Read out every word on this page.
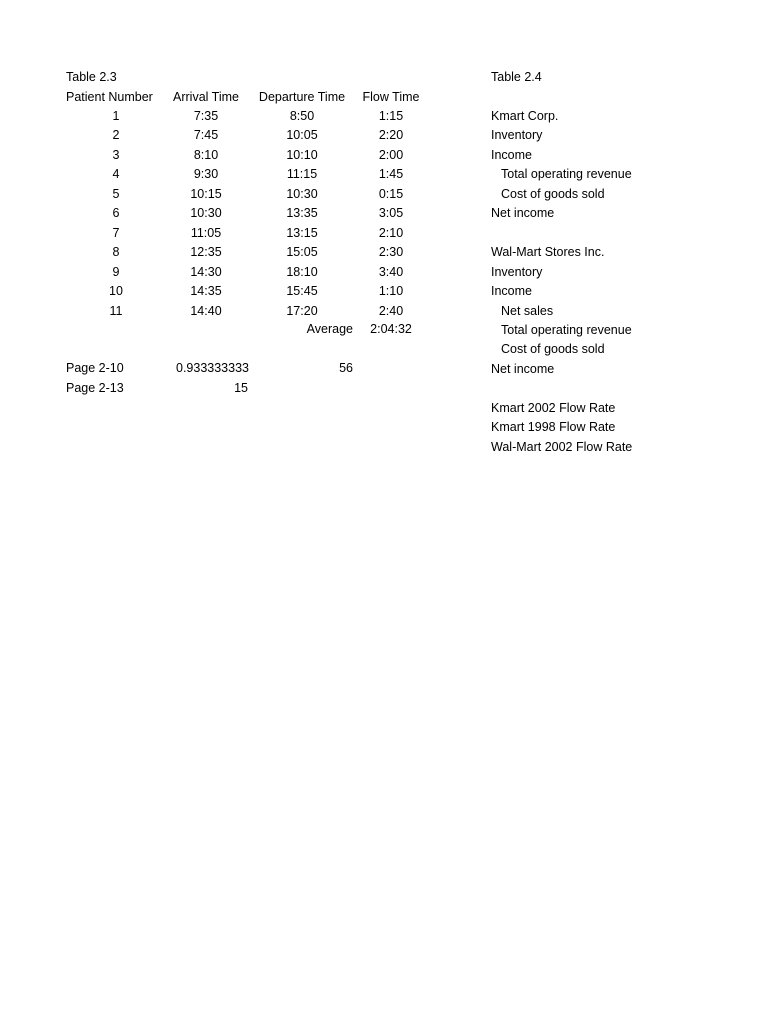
Table 2.3
Patient Number	Arrival Time	Departure Time	Flow Time
1	7:35	8:50	1:15
2	7:45	10:05	2:20
3	8:10	10:10	2:00
4	9:30	11:15	1:45
5	10:15	10:30	0:15
6	10:30	13:35	3:05
7	11:05	13:15	2:10
8	12:35	15:05	2:30
9	14:30	18:10	3:40
10	14:35	15:45	1:10
11	14:40	17:20	2:40
Average	2:04:32
Page 2-10	0.933333333	56
Page 2-13	15
Table 2.4
Kmart Corp.
Inventory
Income
Total operating revenue
Cost of goods sold
Net income
Wal-Mart Stores Inc.
Inventory
Income
Net sales
Total operating revenue
Cost of goods sold
Net income
Kmart 2002 Flow Rate
Kmart 1998 Flow Rate
Wal-Mart 2002 Flow Rate
